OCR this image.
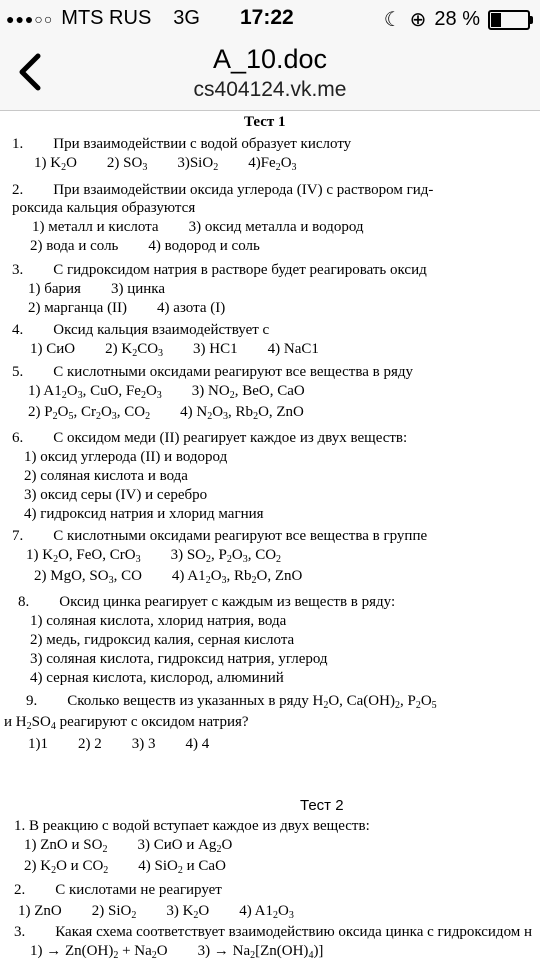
●●●○○ MTS RUS 3G 17:22	☾ ⊕ 28 %
A_10.doc
cs404124.vk.me
Тест 1
1.  При взаимодействии с водой образует кислоту
1) $K_2O$  2) $SO_3$  3)SiO$_2$  $4)Fe_2O_3$
2.  При взаимодействии оксида углерода (IV) с раствором гид-
роксида кальция образуются
1) металл и кислота  3) оксид металла и водород
2) вода и соль  4) водород и соль
3.  С гидроксидом натрия в растворе будет реагировать оксид
1) бария  3) цинка
2) марганца (II)  4) азота (I)
4.  Оксид кальция взаимодействует с
1) CиO  2) $K_2CO_3$  3) HC1  4) NaC1
5.  С кислотными оксидами реагируют все вещества в ряду
1) $A1_2O_3$, CuO, $Fe_2O_3$  3) $NO_2$, BeO, CaO
2) $P_2O_5$, $Cr_2O_3$, $CO_2$  4) $N_2O_3$, $Rb_2O$, ZnO
6.  С оксидом меди (II) реагирует каждое из двух веществ:
1) оксид углерода (II) и водород
2) соляная кислота и вода
3) оксид серы (IV) и серебро
4) гидроксид натрия и хлорид магния
7.  С кислотными оксидами реагируют все вещества в группе
1) $K_2O$, FeO, CrO$_3$  3) $SO_2$, $P_2O_3$, $CO_2$
2) MgO, $SO_3$, CO  4) $A1_2O_3$, $Rb_2O$, ZnO
8.  Оксид цинка реагирует с каждым из веществ в ряду:
1) соляная кислота, хлорид натрия, вода
2) медь, гидроксид калия, серная кислота
3) соляная кислота, гидроксид натрия, углерод
4) серная кислота, кислород, алюминий
9.  Сколько веществ из указанных в ряду $H_2O$, $Ca(OH)_2$, $P_2O_5$
и $H_2SO_4$ реагируют с оксидом натрия?
1)1  2) 2  3) 3  4) 4
Тест 2
1. В реакцию с водой вступает каждое из двух веществ:
1) ZnO и $SO_2$  3) CиO и $Ag_2O$
2) $K_2O$ и $CO_2$  4) SiO$_2$ и CaO
2.  С кислотами не реагирует
1) ZnO  2) SiO$_2$  3) $K_2O$  4) $A1_2O_3$
3.  Какая схема соответствует взаимодействию оксида цинка с гидроксидом н
$1) \to Zn(OH)_2 + Na_2O$  $3) \to Na_2[Zn(OH)_4)$]
